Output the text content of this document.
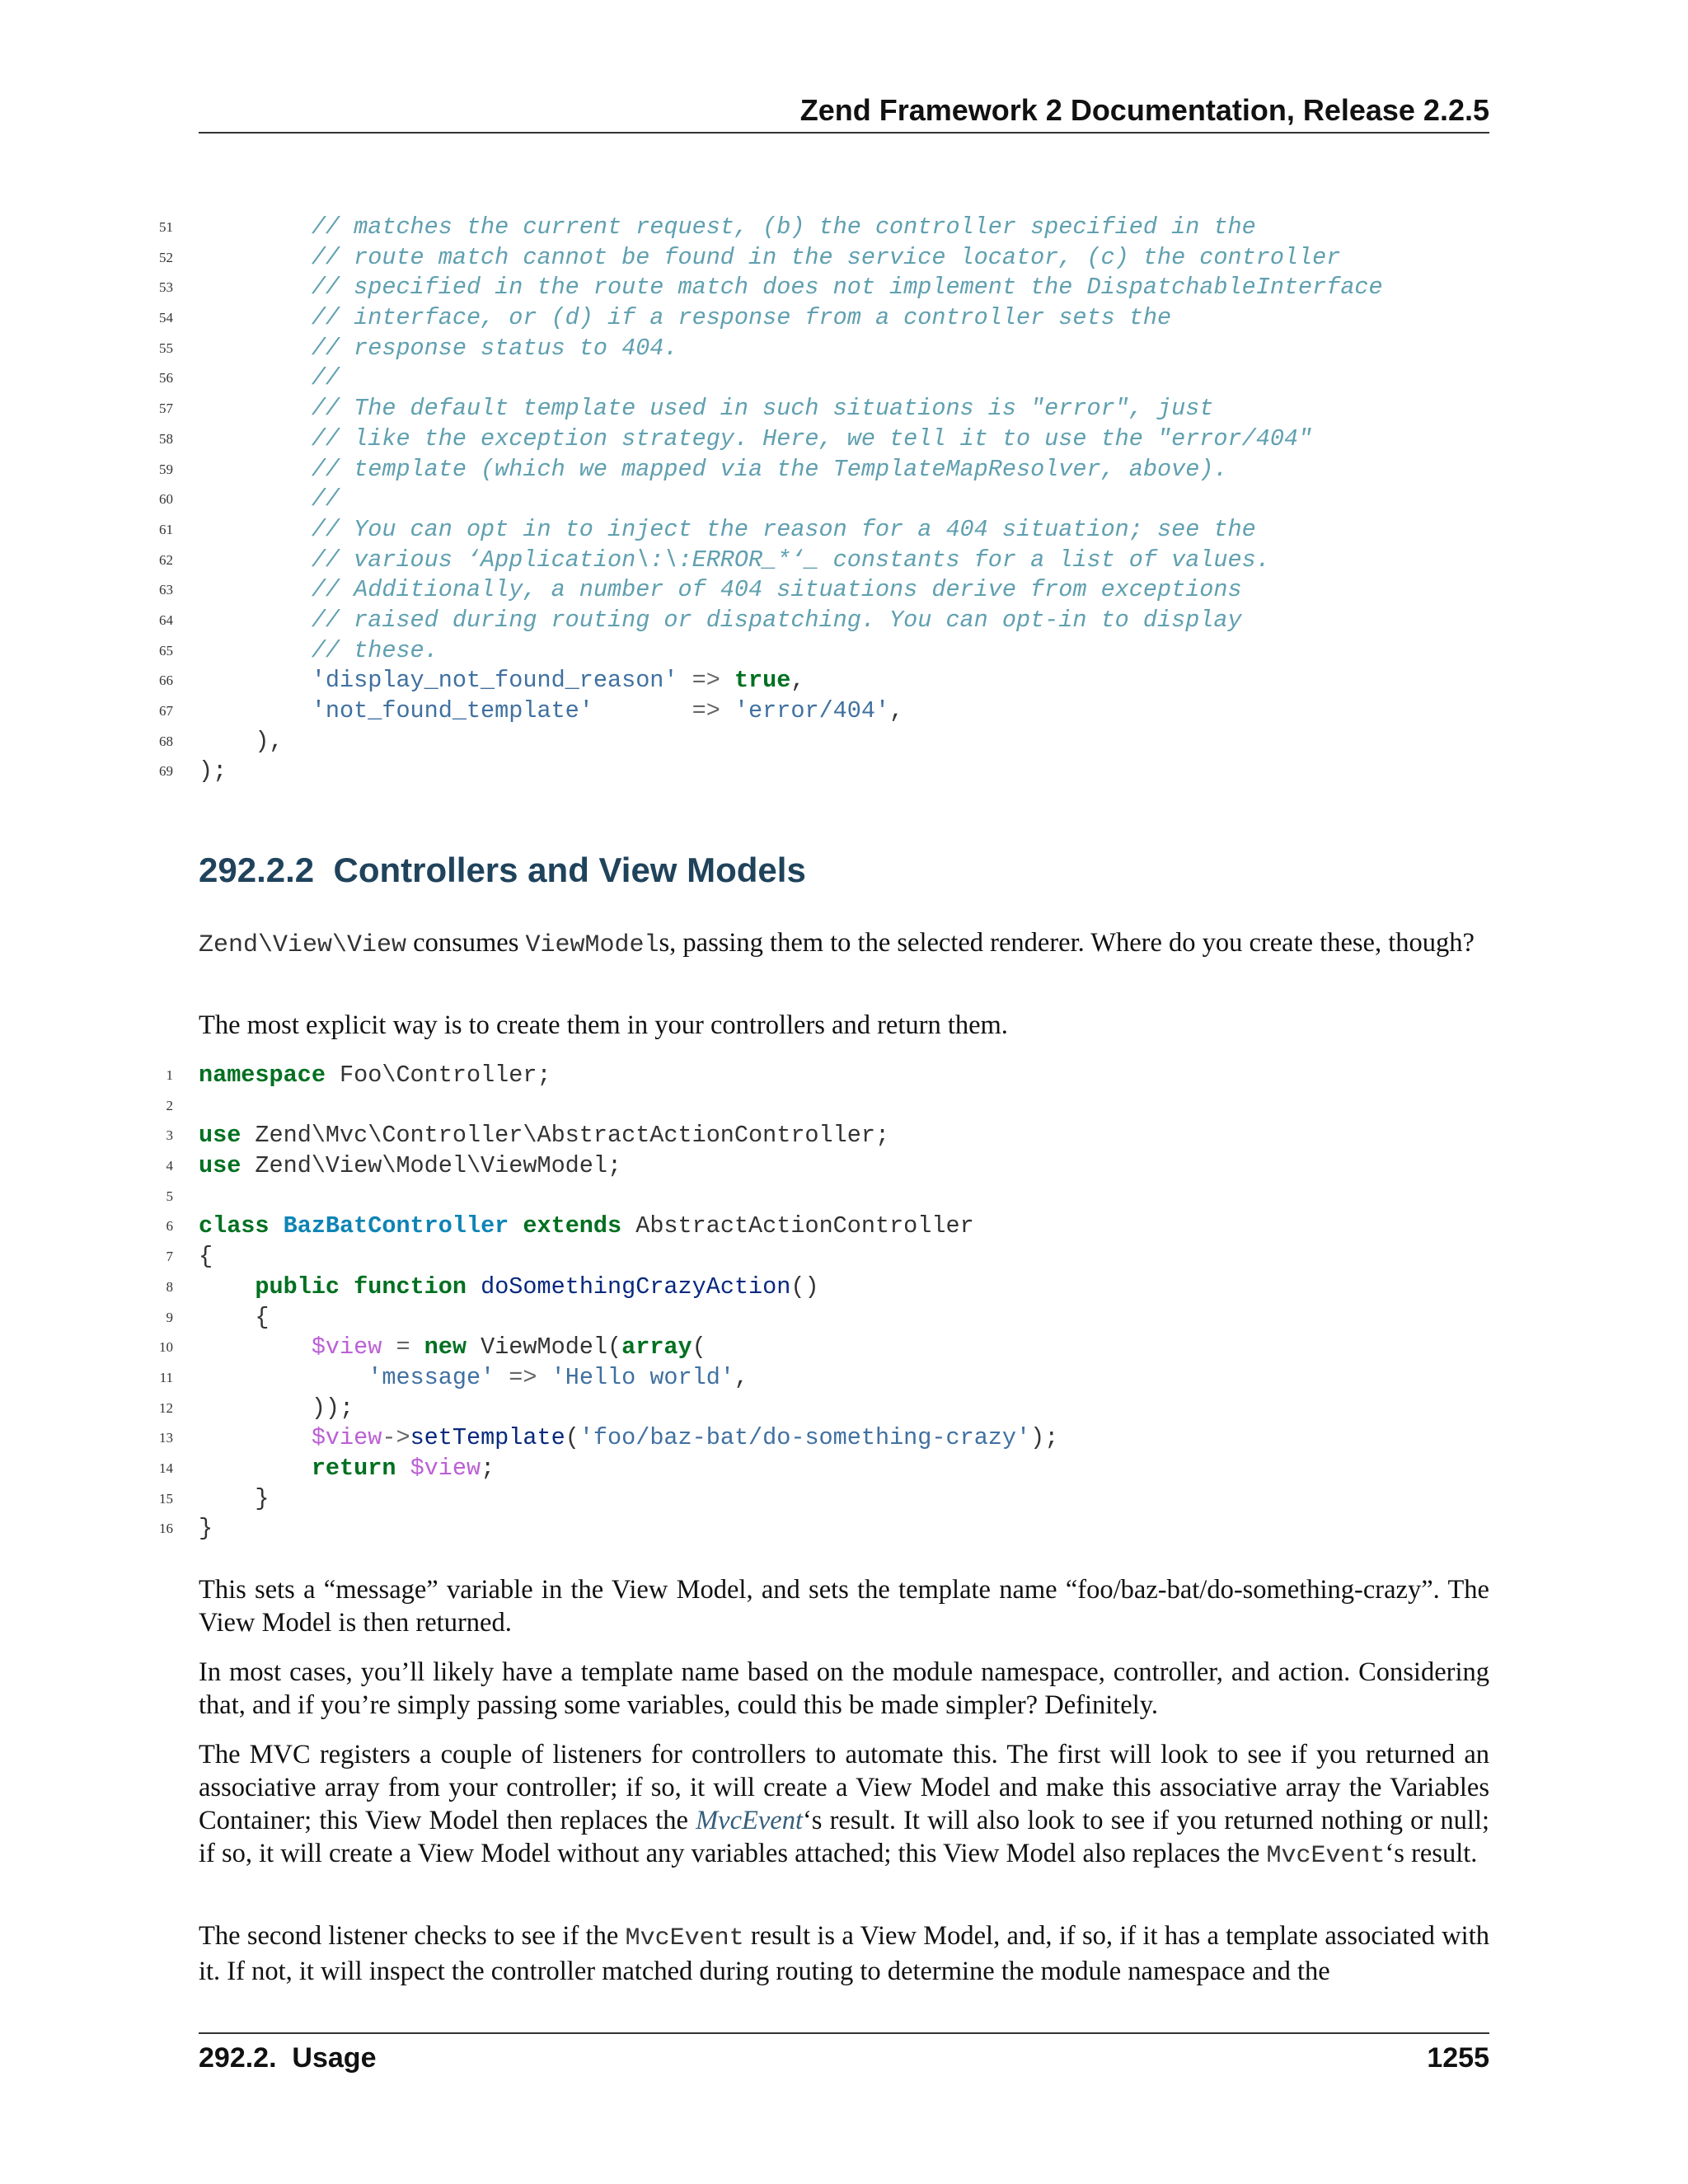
Zend Framework 2 Documentation, Release 2.2.5
51	// matches the current request, (b) the controller specified in the
52	// route match cannot be found in the service locator, (c) the controller
53	// specified in the route match does not implement the DispatchableInterface
54	// interface, or (d) if a response from a controller sets the
55	// response status to 404.
56	//
57	// The default template used in such situations is "error", just
58	// like the exception strategy. Here, we tell it to use the "error/404"
59	// template (which we mapped via the TemplateMapResolver, above).
60	//
61	// You can opt in to inject the reason for a 404 situation; see the
62	// various ‘Application\:\:ERROR_*‘_ constants for a list of values.
63	// Additionally, a number of 404 situations derive from exceptions
64	// raised during routing or dispatching. You can opt-in to display
65	// these.
66	'display_not_found_reason' => true,
67	'not_found_template'	=> 'error/404',
68 ),
69 );
292.2.2 Controllers and View Models

Zend\View\View consumes ViewModels, passing them to the selected renderer. Where do you create these, though?

The most explicit way is to create them in your controllers and return them.

1 namespace Foo\Controller;
2
3 use Zend\Mvc\Controller\AbstractActionController;
4 use Zend\View\Model\ViewModel;
5
6 class BazBatController extends AbstractActionController
7 {
8	public function doSomethingCrazyAction()
9 {
10	$view = new ViewModel(array(
11	'message' => 'Hello world',
12 ));
13	$view->setTemplate('foo/baz-bat/do-something-crazy');
14	return $view;
15 }
16 }

This sets a “message” variable in the View Model, and sets the template name “foo/baz-bat/do-something-crazy”. The View Model is then returned.

In most cases, you’ll likely have a template name based on the module namespace, controller, and action. Considering that, and if you’re simply passing some variables, could this be made simpler? Definitely.

The MVC registers a couple of listeners for controllers to automate this. The first will look to see if you returned an associative array from your controller; if so, it will create a View Model and make this associative array the Variables Container; this View Model then replaces the MvcEvent‘s result. It will also look to see if you returned nothing or null; if so, it will create a View Model without any variables attached; this View Model also replaces the MvcEvent‘s result.

The second listener checks to see if the MvcEvent result is a View Model, and, if so, if it has a template associated with it. If not, it will inspect the controller matched during routing to determine the module namespace and the

292.2.  Usage	1255
